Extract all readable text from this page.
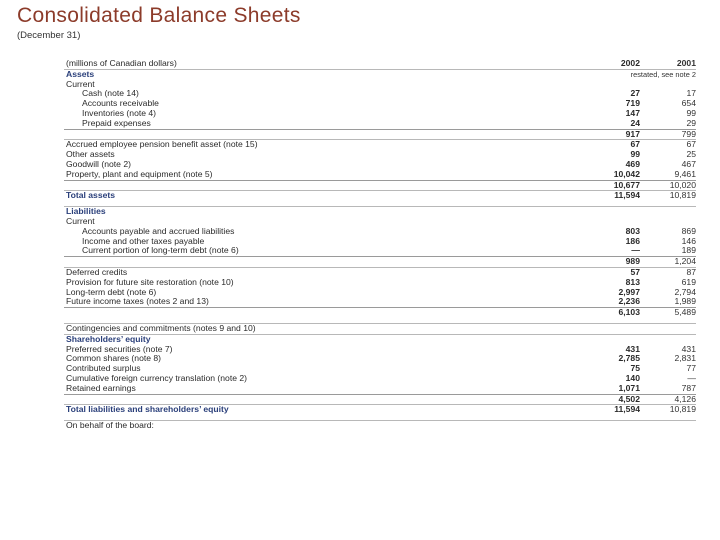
Consolidated Balance Sheets
(December 31)
(millions of Canadian dollars)	2002	2001
Assets	restated, see note 2
Current
Cash (note 14)	27	17
Accounts receivable	719	654
Inventories (note 4)	147	99
Prepaid expenses	24	29
917	799
Accrued employee pension benefit asset (note 15)	67	67
Other assets	99	25
Goodwill (note 2)	469	467
Property, plant and equipment (note 5)	10,042	9,461
10,677	10,020
Total assets	11,594	10,819
Liabilities
Current
Accounts payable and accrued liabilities	803	869
Income and other taxes payable	186	146
Current portion of long-term debt (note 6)	—	189
989	1,204
Deferred credits	57	87
Provision for future site restoration (note 10)	813	619
Long-term debt (note 6)	2,997	2,794
Future income taxes (notes 2 and 13)	2,236	1,989
6,103	5,489
Contingencies and commitments (notes 9 and 10)
Shareholders’ equity
Preferred securities (note 7)	431	431
Common shares (note 8)	2,785	2,831
Contributed surplus	75	77
Cumulative foreign currency translation (note 2)	140	—
Retained earnings	1,071	787
4,502	4,126
Total liabilities and shareholders’ equity	11,594	10,819
On behalf of the board:
